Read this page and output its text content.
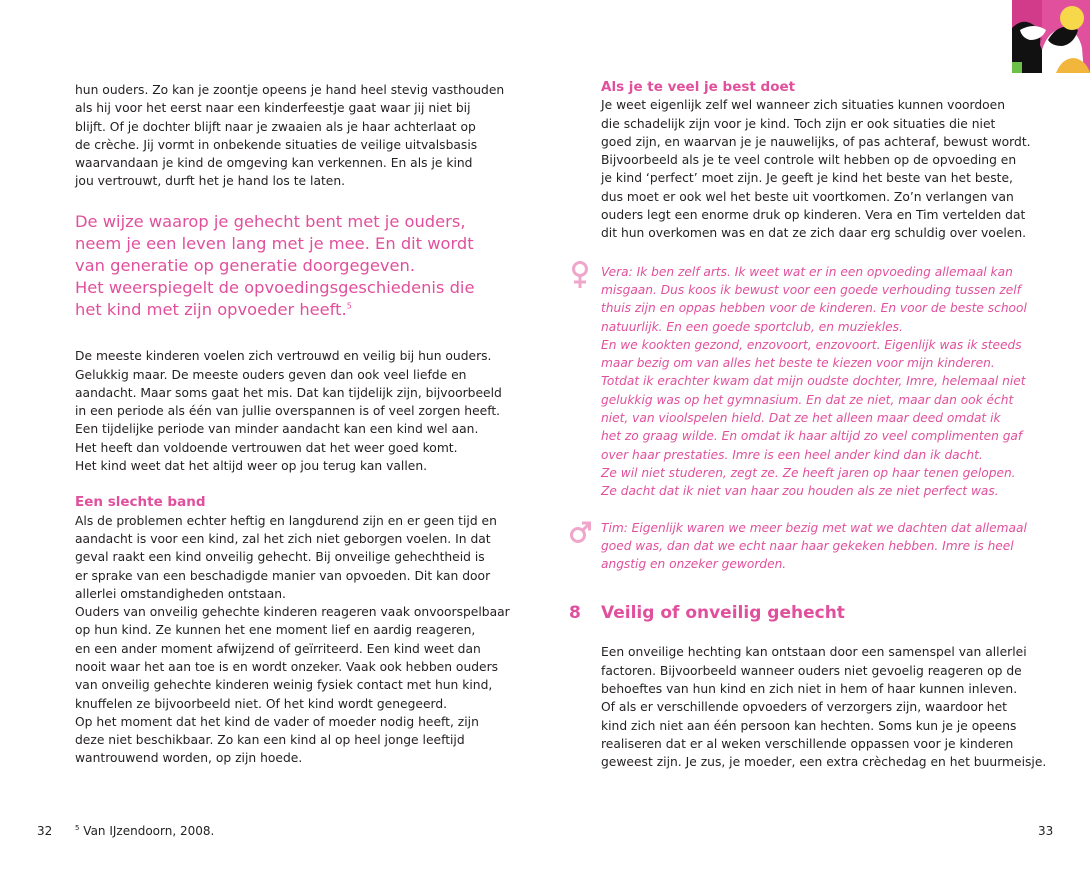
hun ouders. Zo kan je zoontje opeens je hand heel stevig vasthouden
als hij voor het eerst naar een kinderfeestje gaat waar jij niet bij
blijft. Of je dochter blijft naar je zwaaien als je haar achterlaat op
de crèche. Jij vormt in onbekende situaties de veilige uitvalsbasis
waarvandaan je kind de omgeving kan verkennen. En als je kind
jou vertrouwt, durft het je hand los te laten.
De wijze waarop je gehecht bent met je ouders,
neem je een leven lang met je mee. En dit wordt
van generatie op generatie doorgegeven.
Het weerspiegelt de opvoedingsgeschiedenis die
het kind met zijn opvoeder heeft.$^5$
De meeste kinderen voelen zich vertrouwd en veilig bij hun ouders.
Gelukkig maar. De meeste ouders geven dan ook veel liefde en
aandacht. Maar soms gaat het mis. Dat kan tijdelijk zijn, bijvoorbeeld
in een periode als één van jullie overspannen is of veel zorgen heeft.
Een tijdelijke periode van minder aandacht kan een kind wel aan.
Het heeft dan voldoende vertrouwen dat het weer goed komt.
Het kind weet dat het altijd weer op jou terug kan vallen.
Een slechte band
Als de problemen echter heftig en langdurend zijn en er geen tijd en
aandacht is voor een kind, zal het zich niet geborgen voelen. In dat
geval raakt een kind onveilig gehecht. Bij onveilige gehechtheid is
er sprake van een beschadigde manier van opvoeden. Dit kan door
allerlei omstandigheden ontstaan.
Ouders van onveilig gehechte kinderen reageren vaak onvoorspelbaar
op hun kind. Ze kunnen het ene moment lief en aardig reageren,
en een ander moment afwijzend of geïrriteerd. Een kind weet dan
nooit waar het aan toe is en wordt onzeker. Vaak ook hebben ouders
van onveilig gehechte kinderen weinig fysiek contact met hun kind,
knuffelen ze bijvoorbeeld niet. Of het kind wordt genegeerd.
Op het moment dat het kind de vader of moeder nodig heeft, zijn
deze niet beschikbaar. Zo kan een kind al op heel jonge leeftijd
wantrouwend worden, op zijn hoede.
32	$^5$ Van IJzendoorn, 2008.
Als je te veel je best doet
Je weet eigenlijk zelf wel wanneer zich situaties kunnen voordoen
die schadelijk zijn voor je kind. Toch zijn er ook situaties die niet
goed zijn, en waarvan je je nauwelijks, of pas achteraf, bewust wordt.
Bijvoorbeeld als je te veel controle wilt hebben op de opvoeding en
je kind ‘perfect’ moet zijn. Je geeft je kind het beste van het beste,
dus moet er ook wel het beste uit voortkomen. Zo’n verlangen van
ouders legt een enorme druk op kinderen. Vera en Tim vertelden dat
dit hun overkomen was en dat ze zich daar erg schuldig over voelen.
Vera: Ik ben zelf arts. Ik weet wat er in een opvoeding allemaal kan
misgaan. Dus koos ik bewust voor een goede verhouding tussen zelf
thuis zijn en oppas hebben voor de kinderen. En voor de beste school
natuurlijk. En een goede sportclub, en muziekles.
En we kookten gezond, enzovoort, enzovoort. Eigenlijk was ik steeds
maar bezig om van alles het beste te kiezen voor mijn kinderen.
Totdat ik erachter kwam dat mijn oudste dochter, Imre, helemaal niet
gelukkig was op het gymnasium. En dat ze niet, maar dan ook écht
niet, van vioolspelen hield. Dat ze het alleen maar deed omdat ik
het zo graag wilde. En omdat ik haar altijd zo veel complimenten gaf
over haar prestaties. Imre is een heel ander kind dan ik dacht.
Ze wil niet studeren, zegt ze. Ze heeft jaren op haar tenen gelopen.
Ze dacht dat ik niet van haar zou houden als ze niet perfect was.
Tim: Eigenlijk waren we meer bezig met wat we dachten dat allemaal
goed was, dan dat we echt naar haar gekeken hebben. Imre is heel
angstig en onzeker geworden.
8 Veilig of onveilig gehecht
Een onveilige hechting kan ontstaan door een samenspel van allerlei
factoren. Bijvoorbeeld wanneer ouders niet gevoelig reageren op de
behoeftes van hun kind en zich niet in hem of haar kunnen inleven.
Of als er verschillende opvoeders of verzorgers zijn, waardoor het
kind zich niet aan één persoon kan hechten. Soms kun je je opeens
realiseren dat er al weken verschillende oppassen voor je kinderen
geweest zijn. Je zus, je moeder, een extra crèchedag en het buurmeisje.
33
